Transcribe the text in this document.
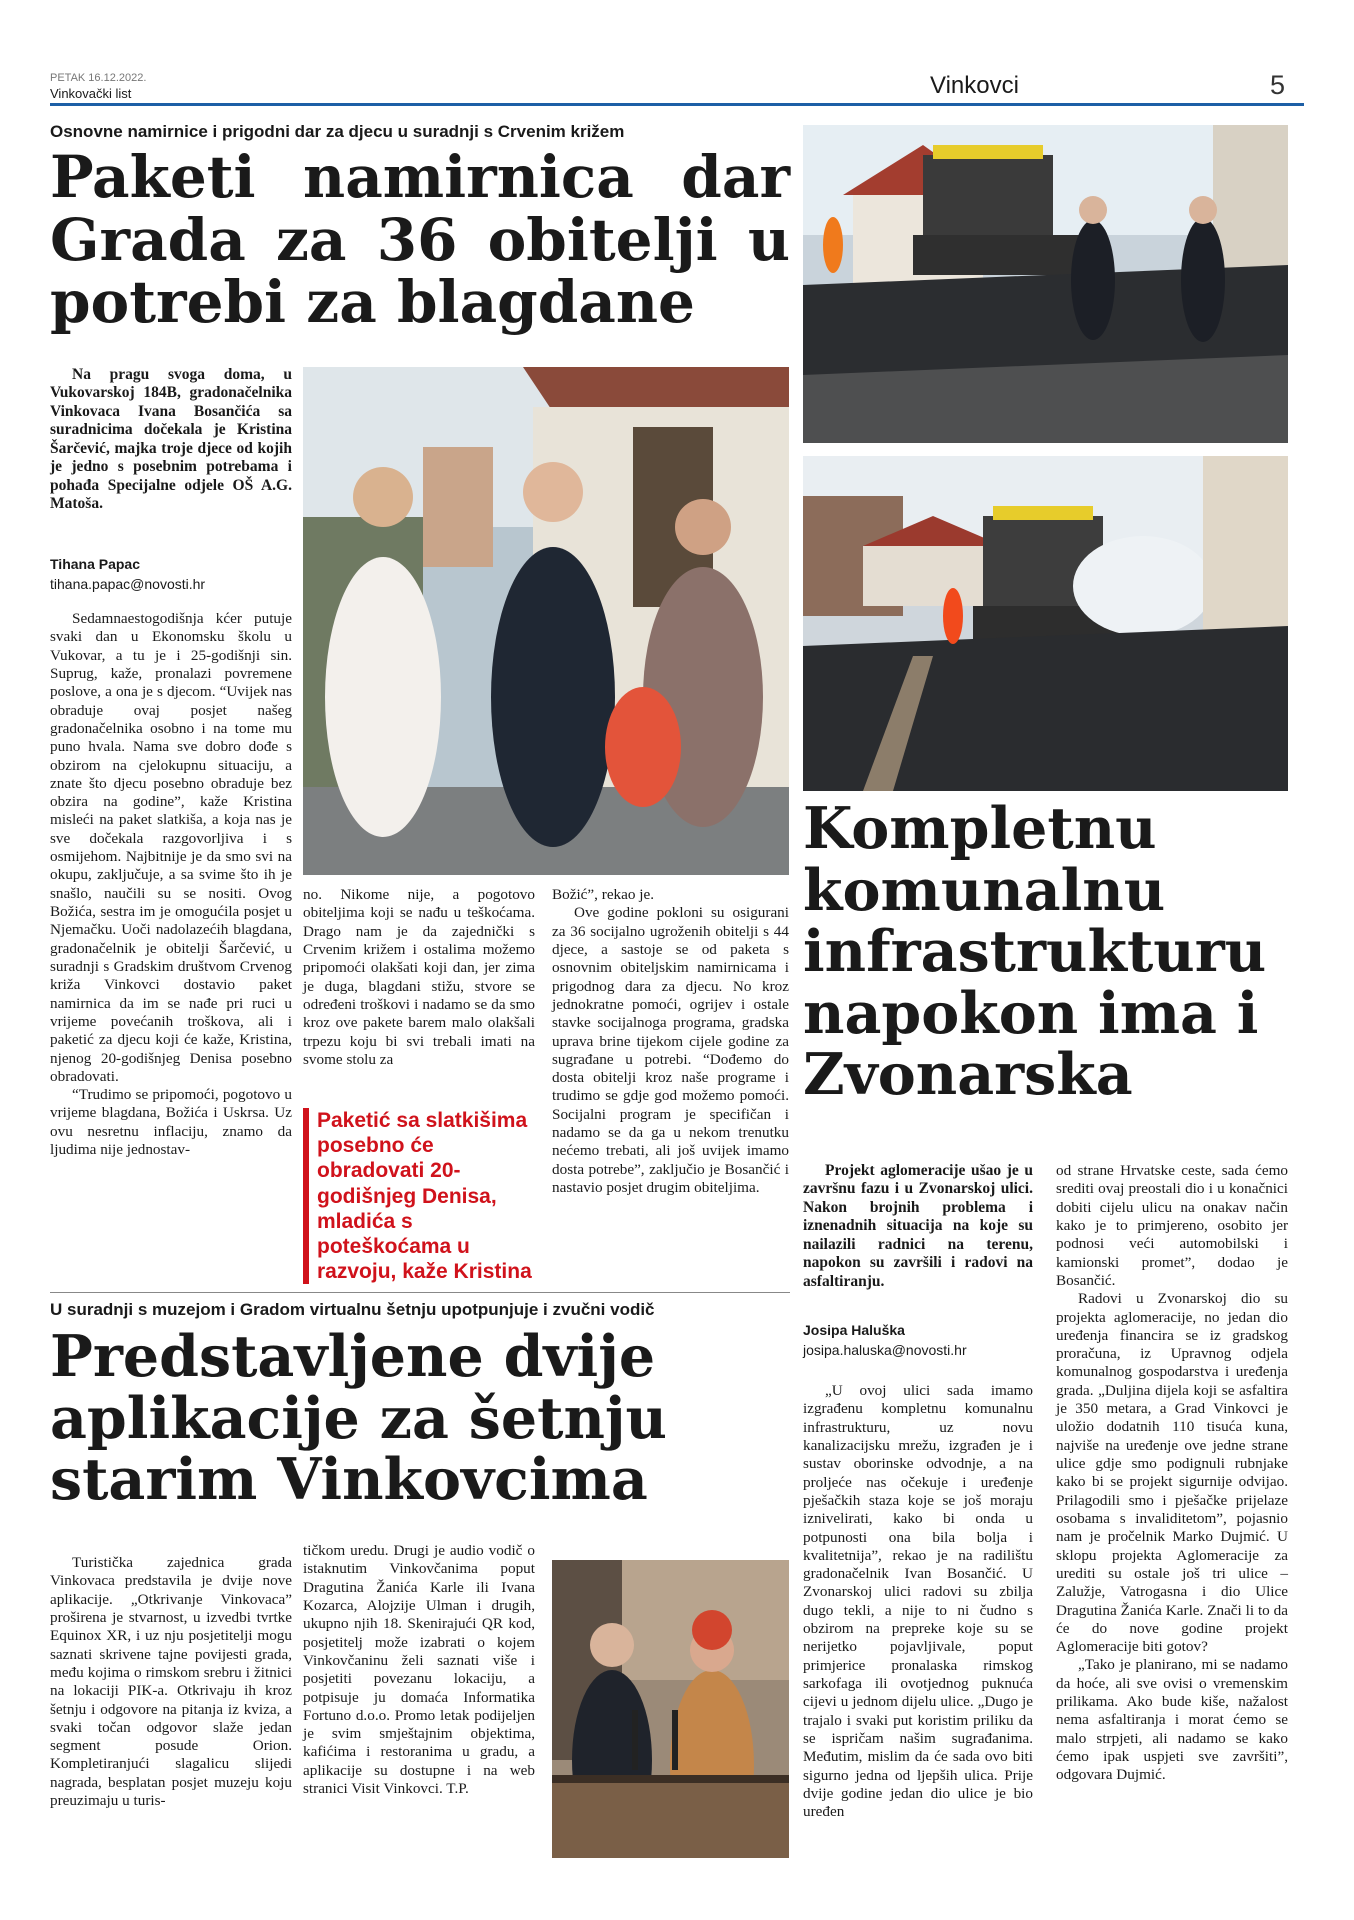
PETAK 16.12.2022.
Vinkovački list	Vinkovci	5
Osnovne namirnice i prigodni dar za djecu u suradnji s Crvenim križem
Paketi namirnica dar Grada za 36 obitelji u potrebi za blagdane
Na pragu svoga doma, u Vukovarskoj 184B, gradonačelnika Vinkovaca Ivana Bosančića sa suradnicima dočekala je Kristina Šarčević, majka troje djece od kojih je jedno s posebnim potrebama i pohađa Specijalne odjele OŠ A.G. Matoša.
Tihana Papac
tihana.papac@novosti.hr

Sedamnaestogodišnja kćer putuje svaki dan u Ekonomsku školu u Vukovar, a tu je i 25-godišnji sin. Suprug, kaže, pronalazi povremene poslove, a ona je s djecom. “Uvijek nas obraduje ovaj posjet našeg gradonačelnika osobno i na tome mu puno hvala. Nama sve dobro dođe s obzirom na cjelokupnu situaciju, a znate što djecu posebno obraduje bez obzira na godine”, kaže Kristina misleći na paket slatkiša, a koja nas je sve dočekala razgovorljiva i s osmijehom. Najbitnije je da smo svi na okupu, zaključuje, a sa svime što ih je snašlo, naučili su se nositi. Ovog Božića, sestra im je omogućila posjet u Njemačku. Uoči nadolazećih blagdana, gradonačelnik je obitelji Šarčević, u suradnji s Gradskim društvom Crvenog križa Vinkovci dostavio paket namirnica da im se nađe pri ruci u vrijeme povećanih troškova, ali i paketić za djecu koji će kaže, Kristina, njenog 20-godišnjeg Denisa posebno obradovati.

“Trudimo se pripomoći, pogotovo u vrijeme blagdana, Božića i Uskrsa. Uz ovu nesretnu inflaciju, znamo da ljudima nije jednostav-

no. Nikome nije, a pogotovo obiteljima koji se nađu u teškoćama. Drago nam je da zajednički s Crvenim križem i ostalima možemo pripomoći olakšati koji dan, jer zima je duga, blagdani stižu, stvore se određeni troškovi i nadamo se da smo kroz ove pakete barem malo olakšali trpezu koju bi svi trebali imati na svome stolu za

Paketić sa slatkišima posebno će obradovati 20-godišnjeg Denisa, mladića s poteškoćama u razvoju, kaže Kristina

Božić”, rekao je.

Ove godine pokloni su osigurani za 36 socijalno ugroženih obitelji s 44 djece, a sastoje se od paketa s osnovnim obiteljskim namirnicama i prigodnog dara za djecu. No kroz jednokratne pomoći, ogrijev i ostale stavke socijalnoga programa, gradska uprava brine tijekom cijele godine za sugrađane u potrebi. “Dođemo do dosta obitelji kroz naše programe i trudimo se gdje god možemo pomoći. Socijalni program je specifičan i nadamo se da ga u nekom trenutku nećemo trebati, ali još uvijek imamo dosta potrebe”, zaključio je Bosančić i nastavio posjet drugim obiteljima.

U suradnji s muzejom i Gradom virtualnu šetnju upotpunjuje i zvučni vodič
Predstavljene dvije aplikacije za šetnju starim Vinkovcima

Turistička zajednica grada Vinkovaca predstavila je dvije nove aplikacije. „Otkrivanje Vinkovaca” proširena je stvarnost, u izvedbi tvrtke Equinox XR, i uz nju posjetitelji mogu saznati skrivene tajne povijesti grada, među kojima o rimskom srebru i žitnici na lokaciji PIK-a. Otkrivaju ih kroz šetnju i odgovore na pitanja iz kviza, a svaki točan odgovor slaže jedan segment posude Orion. Kompletiranjući slagalicu slijedi nagrada, besplatan posjet muzeju koju preuzimaju u turis-

tičkom uredu. Drugi je audio vodič o istaknutim Vinkovčanima poput Dragutina Žanića Karle ili Ivana Kozarca, Alojzije Ulman i drugih, ukupno njih 18. Skenirajući QR kod, posjetitelj može izabrati o kojem Vinkovčaninu želi saznati više i posjetiti povezanu lokaciju, a potpisuje ju domaća Informatika Fortuno d.o.o. Promo letak podijeljen je svim smještajnim objektima, kafićima i restoranima u gradu, a aplikacije su dostupne i na web stranici Visit Vinkovci. T.P.

Kompletnu komunalnu infrastrukturu napokon ima i Zvonarska
Projekt aglomeracije ušao je u završnu fazu i u Zvonarskoj ulici. Nakon brojnih problema i iznenadnih situacija na koje su nailazili radnici na terenu, napokon su završili i radovi na asfaltiranju.
Josipa Haluška
josipa.haluska@novosti.hr

„U ovoj ulici sada imamo izgrađenu kompletnu komunalnu infrastrukturu, uz novu kanalizacijsku mrežu, izgrađen je i sustav oborinske odvodnje, a na proljeće nas očekuje i uređenje pješačkih staza koje se još moraju iznivelirati, kako bi onda u potpunosti ona bila bolja i kvalitetnija”, rekao je na radilištu gradonačelnik Ivan Bosančić. U Zvonarskoj ulici radovi su zbilja dugo tekli, a nije to ni čudno s obzirom na prepreke koje su se nerijetko pojavljivale, poput primjerice pronalaska rimskog sarkofaga ili ovotjednog puknuća cijevi u jednom dijelu ulice. „Dugo je trajalo i svaki put koristim priliku da se ispričam našim sugrađanima. Međutim, mislim da će sada ovo biti sigurno jedna od ljepših ulica. Prije dvije godine jedan dio ulice je bio uređen

od strane Hrvatske ceste, sada ćemo srediti ovaj preostali dio i u konačnici dobiti cijelu ulicu na onakav način kako je to primjereno, osobito jer podnosi veći automobilski i kamionski promet”, dodao je Bosančić.

Radovi u Zvonarskoj dio su projekta aglomeracije, no jedan dio uređenja financira se iz gradskog proračuna, iz Upravnog odjela komunalnog gospodarstva i uređenja grada. „Duljina dijela koji se asfaltira je 350 metara, a Grad Vinkovci je uložio dodatnih 110 tisuća kuna, najviše na uređenje ove jedne strane ulice gdje smo podignuli rubnjake kako bi se projekt sigurnije odvijao. Prilagodili smo i pješačke prijelaze osobama s invaliditetom”, pojasnio nam je pročelnik Marko Dujmić. U sklopu projekta Aglomeracije za urediti su ostale još tri ulice – Zalužje, Vatrogasna i dio Ulice Dragutina Žanića Karle. Znači li to da će do nove godine projekt Aglomeracije biti gotov?

„Tako je planirano, mi se nadamo da hoće, ali sve ovisi o vremenskim prilikama. Ako bude kiše, nažalost nema asfaltiranja i morat ćemo se malo strpjeti, ali nadamo se kako ćemo ipak uspjeti sve završiti”, odgovara Dujmić.
